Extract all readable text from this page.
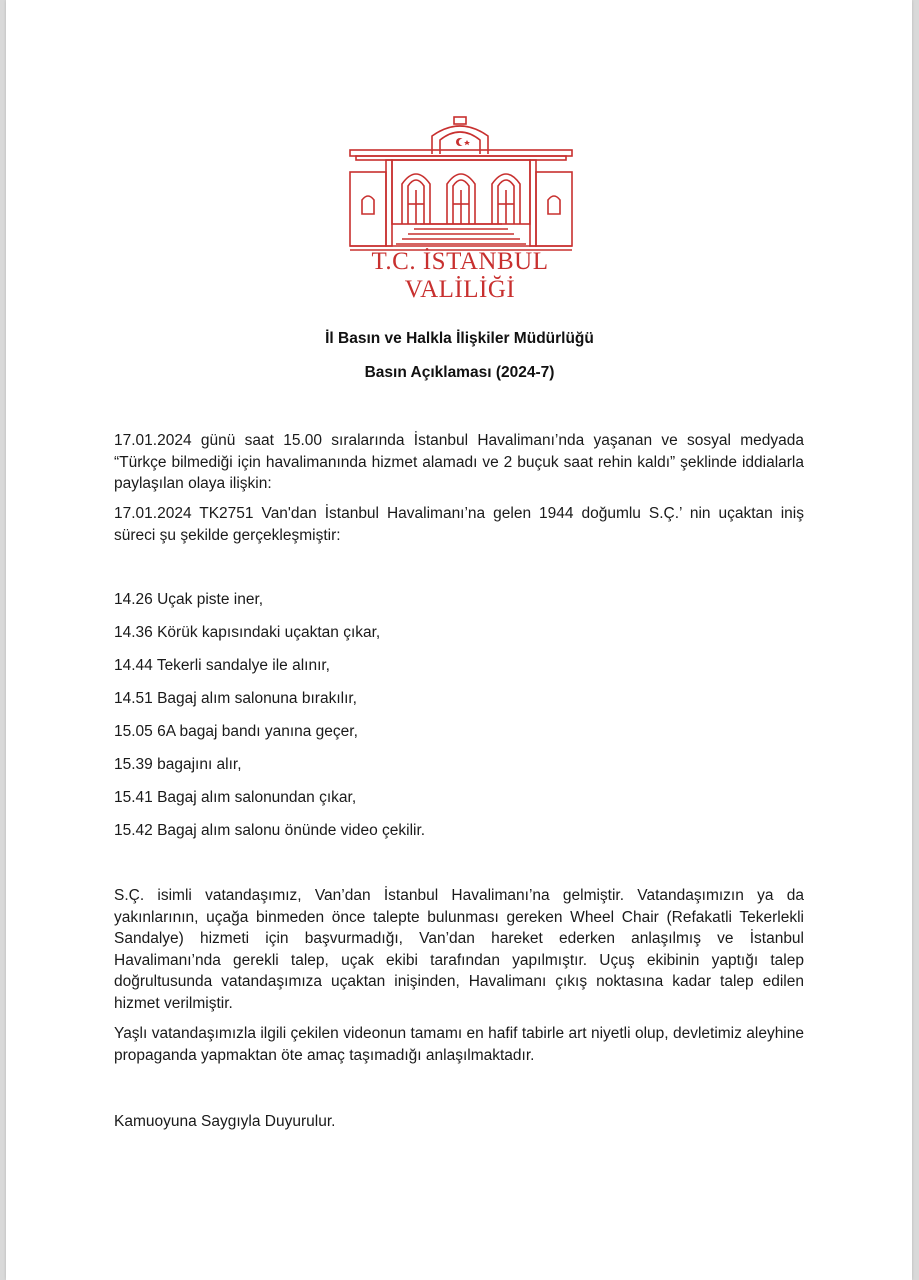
T.C. İSTANBUL VALİLİĞİ
İl Basın ve Halkla İlişkiler Müdürlüğü
Basın Açıklaması (2024-7)
17.01.2024 günü saat 15.00 sıralarında İstanbul Havalimanı’nda yaşanan ve sosyal medyada “Türkçe bilmediği için havalimanında hizmet alamadı ve 2 buçuk saat rehin kaldı” şeklinde iddialarla paylaşılan olaya ilişkin:
17.01.2024 TK2751 Van'dan İstanbul Havalimanı’na gelen 1944 doğumlu S.Ç.’ nin uçaktan iniş süreci şu şekilde gerçekleşmiştir:
14.26 Uçak piste iner,
14.36 Körük kapısındaki uçaktan çıkar,
14.44 Tekerli sandalye ile alınır,
14.51 Bagaj alım salonuna bırakılır,
15.05 6A bagaj bandı yanına geçer,
15.39 bagajını alır,
15.41 Bagaj alım salonundan çıkar,
15.42 Bagaj alım salonu önünde video çekilir.
S.Ç. isimli vatandaşımız, Van’dan İstanbul Havalimanı’na gelmiştir. Vatandaşımızın ya da yakınlarının, uçağa binmeden önce talepte bulunması gereken Wheel Chair (Refakatli Tekerlekli Sandalye) hizmeti için başvurmadığı, Van’dan hareket ederken anlaşılmış ve İstanbul Havalimanı’nda gerekli talep, uçak ekibi tarafından yapılmıştır. Uçuş ekibinin yaptığı talep doğrultusunda vatandaşımıza uçaktan inişinden, Havalimanı çıkış noktasına kadar talep edilen hizmet verilmiştir.
Yaşlı vatandaşımızla ilgili çekilen videonun tamamı en hafif tabirle art niyetli olup, devletimiz aleyhine propaganda yapmaktan öte amaç taşımadığı anlaşılmaktadır.
Kamuoyuna Saygıyla Duyurulur.
